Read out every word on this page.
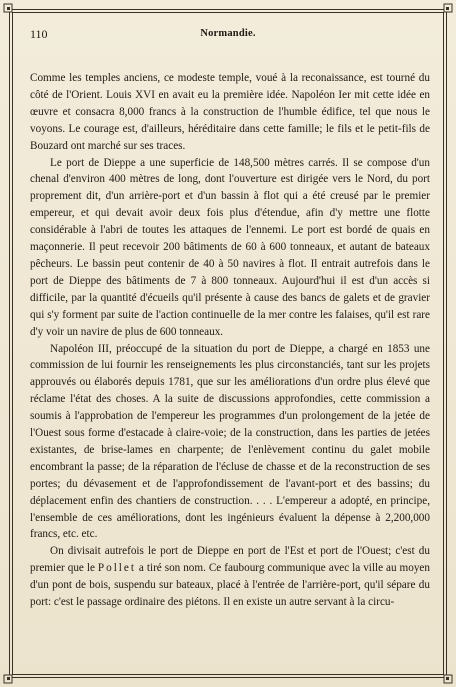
110	Normandie.

Comme les temples anciens, ce modeste temple, voué à la reconaissance, est tourné du côté de l'Orient. Louis XVI en avait eu la première idée. Napoléon Ier mit cette idée en œuvre et consacra 8,000 francs à la construction de l'humble édifice, tel que nous le voyons. Le courage est, d'ailleurs, héréditaire dans cette famille; le fils et le petit-fils de Bouzard ont marché sur ses traces.

Le port de Dieppe a une superficie de 148,500 mètres carrés. Il se compose d'un chenal d'environ 400 mètres de long, dont l'ouverture est dirigée vers le Nord, du port proprement dit, d'un arrière-port et d'un bassin à flot qui a été creusé par le premier empereur, et qui devait avoir deux fois plus d'étendue, afin d'y mettre une flotte considérable à l'abri de toutes les attaques de l'ennemi. Le port est bordé de quais en maçonnerie. Il peut recevoir 200 bâtiments de 60 à 600 tonneaux, et autant de bateaux pêcheurs. Le bassin peut contenir de 40 à 50 navires à flot. Il entrait autrefois dans le port de Dieppe des bâtiments de 7 à 800 tonneaux. Aujourd'hui il est d'un accès si difficile, par la quantité d'écueils qu'il présente à cause des bancs de galets et de gravier qui s'y forment par suite de l'action continuelle de la mer contre les falaises, qu'il est rare d'y voir un navire de plus de 600 tonneaux.

Napoléon III, préoccupé de la situation du port de Dieppe, a chargé en 1853 une commission de lui fournir les renseignements les plus circonstanciés, tant sur les projets approuvés ou élaborés depuis 1781, que sur les améliorations d'un ordre plus élevé que réclame l'état des choses. A la suite de discussions approfondies, cette commission a soumis à l'approbation de l'empereur les programmes d'un prolongement de la jetée de l'Ouest sous forme d'estacade à claire-voie; de la construction, dans les parties de jetées existantes, de brise-lames en charpente; de l'enlèvement continu du galet mobile encombrant la passe; de la réparation de l'écluse de chasse et de la reconstruction de ses portes; du dévasement et de l'approfondissement de l'avant-port et des bassins; du déplacement enfin des chantiers de construction. . . . L'empereur a adopté, en principe, l'ensemble de ces améliorations, dont les ingénieurs évaluent la dépense à 2,200,000 francs, etc. etc.

On divisait autrefois le port de Dieppe en port de l'Est et port de l'Ouest; c'est du premier que le Pollet a tiré son nom. Ce faubourg communique avec la ville au moyen d'un pont de bois, suspendu sur bateaux, placé à l'entrée de l'arrière-port, qu'il sépare du port: c'est le passage ordinaire des piétons. Il en existe un autre servant à la circu-
